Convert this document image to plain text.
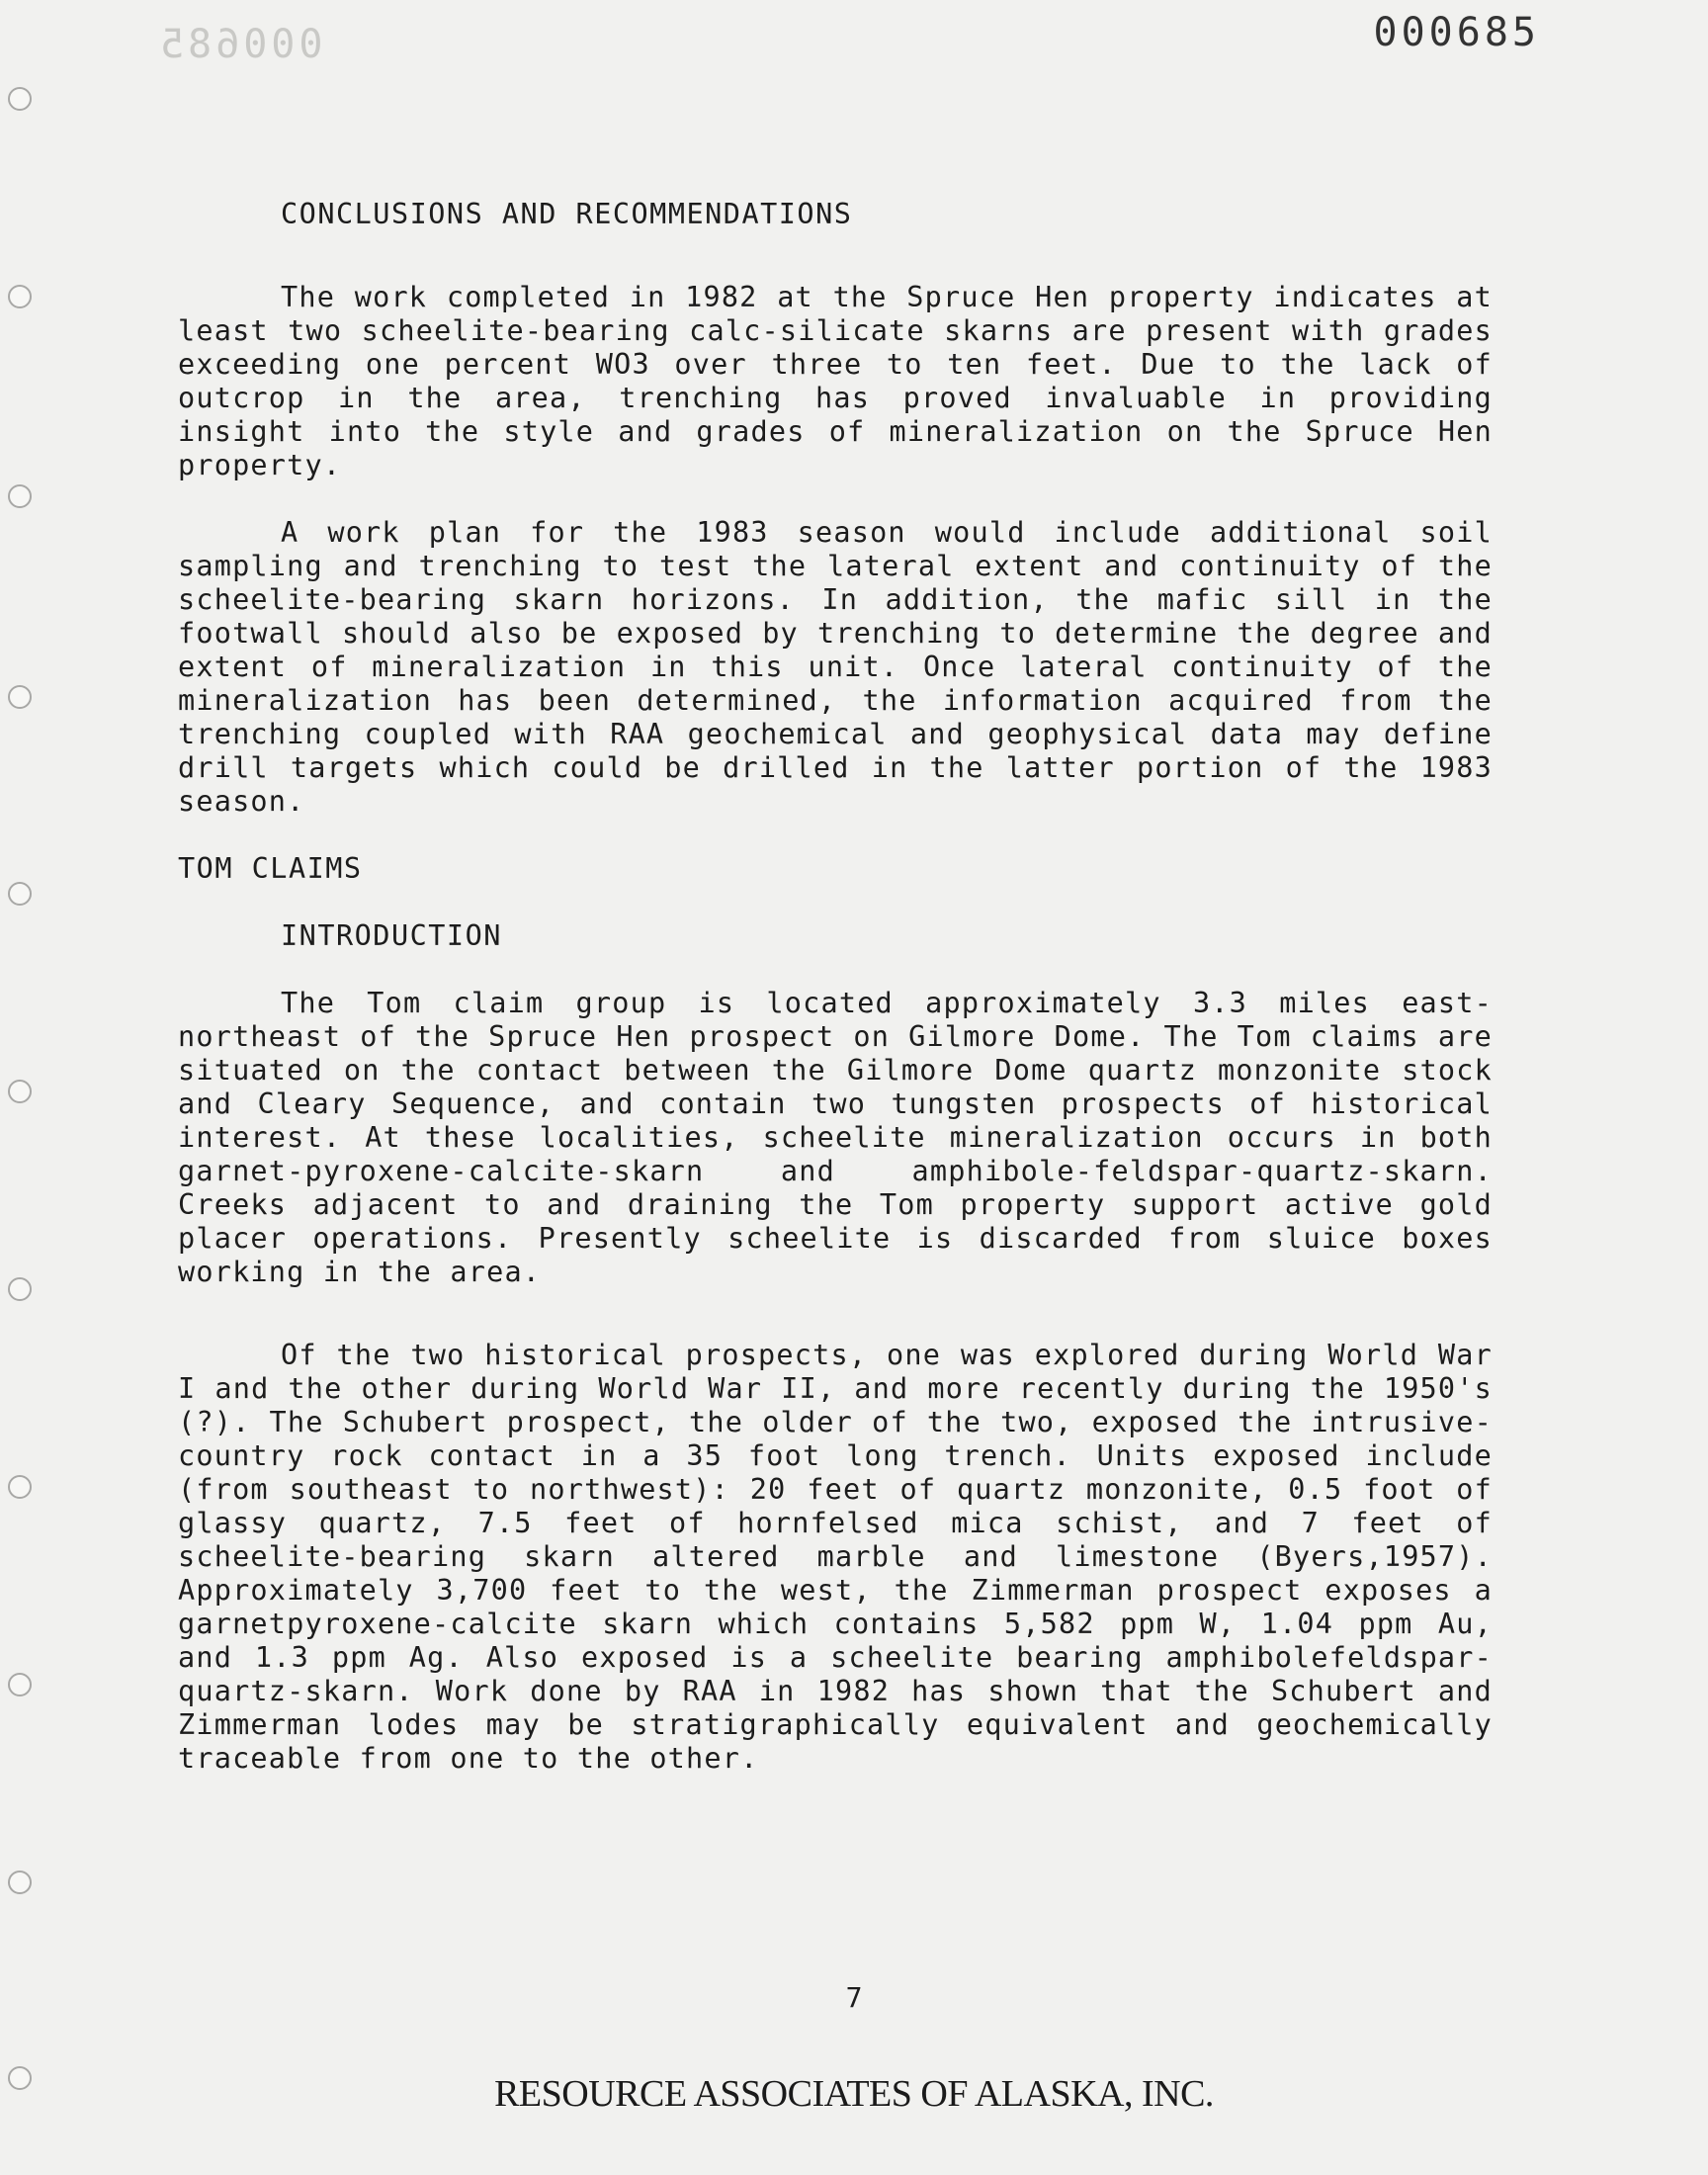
000685	000685
CONCLUSIONS AND RECOMMENDATIONS

The work completed in 1982 at the Spruce Hen property indicates at least two scheelite-bearing calc-silicate skarns are present with grades exceeding one percent WO3 over three to ten feet. Due to the lack of outcrop in the area, trenching has proved invaluable in providing insight into the style and grades of mineralization on the Spruce Hen property.

A work plan for the 1983 season would include additional soil sampling and trenching to test the lateral extent and continuity of the scheelite-bearing skarn horizons. In addition, the mafic sill in the footwall should also be exposed by trenching to determine the degree and extent of mineralization in this unit. Once lateral continuity of the mineralization has been determined, the information acquired from the trenching coupled with RAA geochemical and geophysical data may define drill targets which could be drilled in the latter portion of the 1983 season.

TOM CLAIMS
INTRODUCTION

The Tom claim group is located approximately 3.3 miles east-northeast of the Spruce Hen prospect on Gilmore Dome. The Tom claims are situated on the contact between the Gilmore Dome quartz monzonite stock and Cleary Sequence, and contain two tungsten prospects of historical interest. At these localities, scheelite mineralization occurs in both garnet-pyroxene-calcite-skarn and amphibole-feldspar-quartz-skarn. Creeks adjacent to and draining the Tom property support active gold placer operations. Presently scheelite is discarded from sluice boxes working in the area.

Of the two historical prospects, one was explored during World War I and the other during World War II, and more recently during the 1950's (?). The Schubert prospect, the older of the two, exposed the intrusive-country rock contact in a 35 foot long trench. Units exposed include (from southeast to northwest): 20 feet of quartz monzonite, 0.5 foot of glassy quartz, 7.5 feet of hornfelsed mica schist, and 7 feet of scheelite-bearing skarn altered marble and limestone (Byers,1957). Approximately 3,700 feet to the west, the Zimmerman prospect exposes a garnetpyroxene-calcite skarn which contains 5,582 ppm W, 1.04 ppm Au, and 1.3 ppm Ag. Also exposed is a scheelite bearing amphibolefeldspar-quartz-skarn. Work done by RAA in 1982 has shown that the Schubert and Zimmerman lodes may be stratigraphically equivalent and geochemically traceable from one to the other.

7
RESOURCE ASSOCIATES OF ALASKA, INC.
